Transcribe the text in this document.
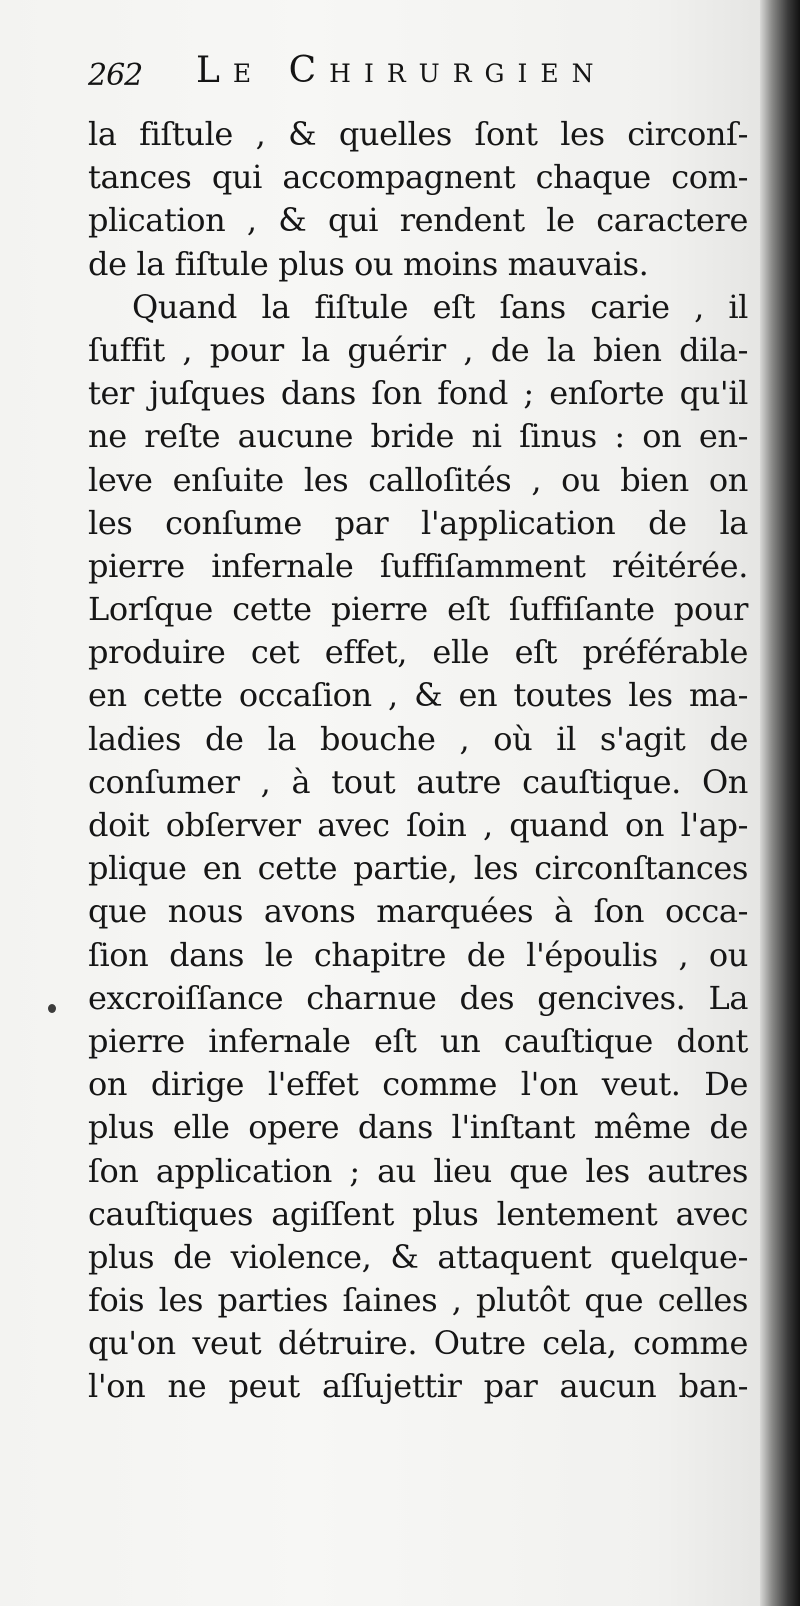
262 Le Chirurgien
la fiſtule , & quelles ſont les circonſ-
tances qui accompagnent chaque com-
plication , & qui rendent le caractere
de la fiſtule plus ou moins mauvais.
Quand la fiſtule eſt ſans carie , il
ſuffit , pour la guérir , de la bien dila-
ter juſques dans ſon fond ; enſorte qu'il
ne reſte aucune bride ni ſinus : on en-
leve enſuite les calloſités , ou bien on
les conſume par l'application de la
pierre infernale ſuffiſamment réitérée.
Lorſque cette pierre eſt ſuffiſante pour
produire cet effet, elle eſt préférable
en cette occaſion , & en toutes les ma-
ladies de la bouche , où il s'agit de
conſumer , à tout autre cauſtique. On
doit obſerver avec ſoin , quand on l'ap-
plique en cette partie, les circonſtances
que nous avons marquées à ſon occa-
ſion dans le chapitre de l'époulis , ou
excroiſſance charnue des gencives. La
pierre infernale eſt un cauſtique dont
on dirige l'effet comme l'on veut. De
plus elle opere dans l'inſtant même de
ſon application ; au lieu que les autres
cauſtiques agiſſent plus lentement avec
plus de violence, & attaquent quelque-
fois les parties ſaines , plutôt que celles
qu'on veut détruire. Outre cela, comme
l'on ne peut aſſujettir par aucun ban-
